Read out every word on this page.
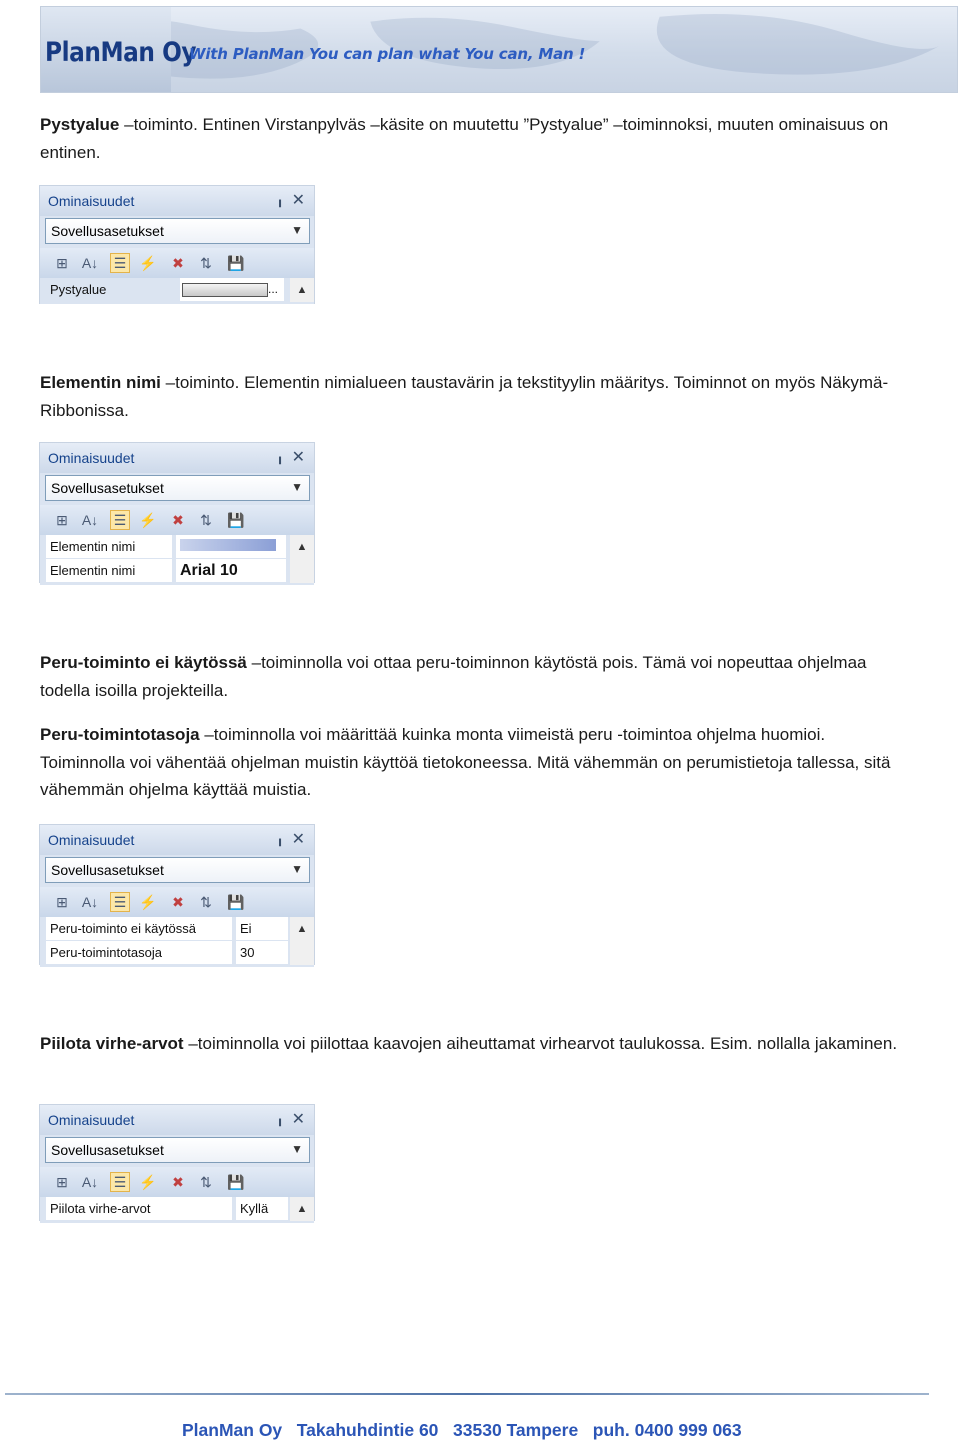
PlanMan Oy
With PlanMan You can plan what You can, Man !

Pystyalue –toiminto. Entinen Virstanpylväs –käsite on muutettu ”Pystyalue” –toiminnoksi, muuten ominaisuus on entinen.

Ominaisuudet	╻ ✕
Sovellusasetukset	▼
⊞ A↓ ☰ ⚡ ✖ ⇅ 💾
Pystyalue	...	▲

Elementin nimi –toiminto. Elementin nimialueen taustavärin ja tekstityylin määritys. Toiminnot on myös Näkymä-Ribbonissa.

Ominaisuudet	╻ ✕
Sovellusasetukset	▼
⊞ A↓ ☰ ⚡ ✖ ⇅ 💾
Elementin nimi
Elementin nimi	Arial 10
▲

Peru-toiminto ei käytössä –toiminnolla voi ottaa peru-toiminnon käytöstä pois. Tämä voi nopeuttaa ohjelmaa todella isoilla projekteilla.

Peru-toimintotasoja –toiminnolla voi määrittää kuinka monta viimeistä peru -toimintoa ohjelma huomioi. Toiminnolla voi vähentää ohjelman muistin käyttöä tietokoneessa. Mitä vähemmän on perumistietoja tallessa, sitä vähemmän ohjelma käyttää muistia.

Ominaisuudet	╻ ✕
Sovellusasetukset	▼
⊞ A↓ ☰ ⚡ ✖ ⇅ 💾
Peru-toiminto ei käytössä	Ei
Peru-toimintotasoja	30
▲

Piilota virhe-arvot –toiminnolla voi piilottaa kaavojen aiheuttamat virhearvot taulukossa. Esim. nollalla jakaminen.

Ominaisuudet	╻ ✕
Sovellusasetukset	▼
⊞ A↓ ☰ ⚡ ✖ ⇅ 💾
Piilota virhe-arvot	Kyllä	▲
PlanMan Oy Takahuhdintie 60 33530 Tampere puh. 0400 999 063
